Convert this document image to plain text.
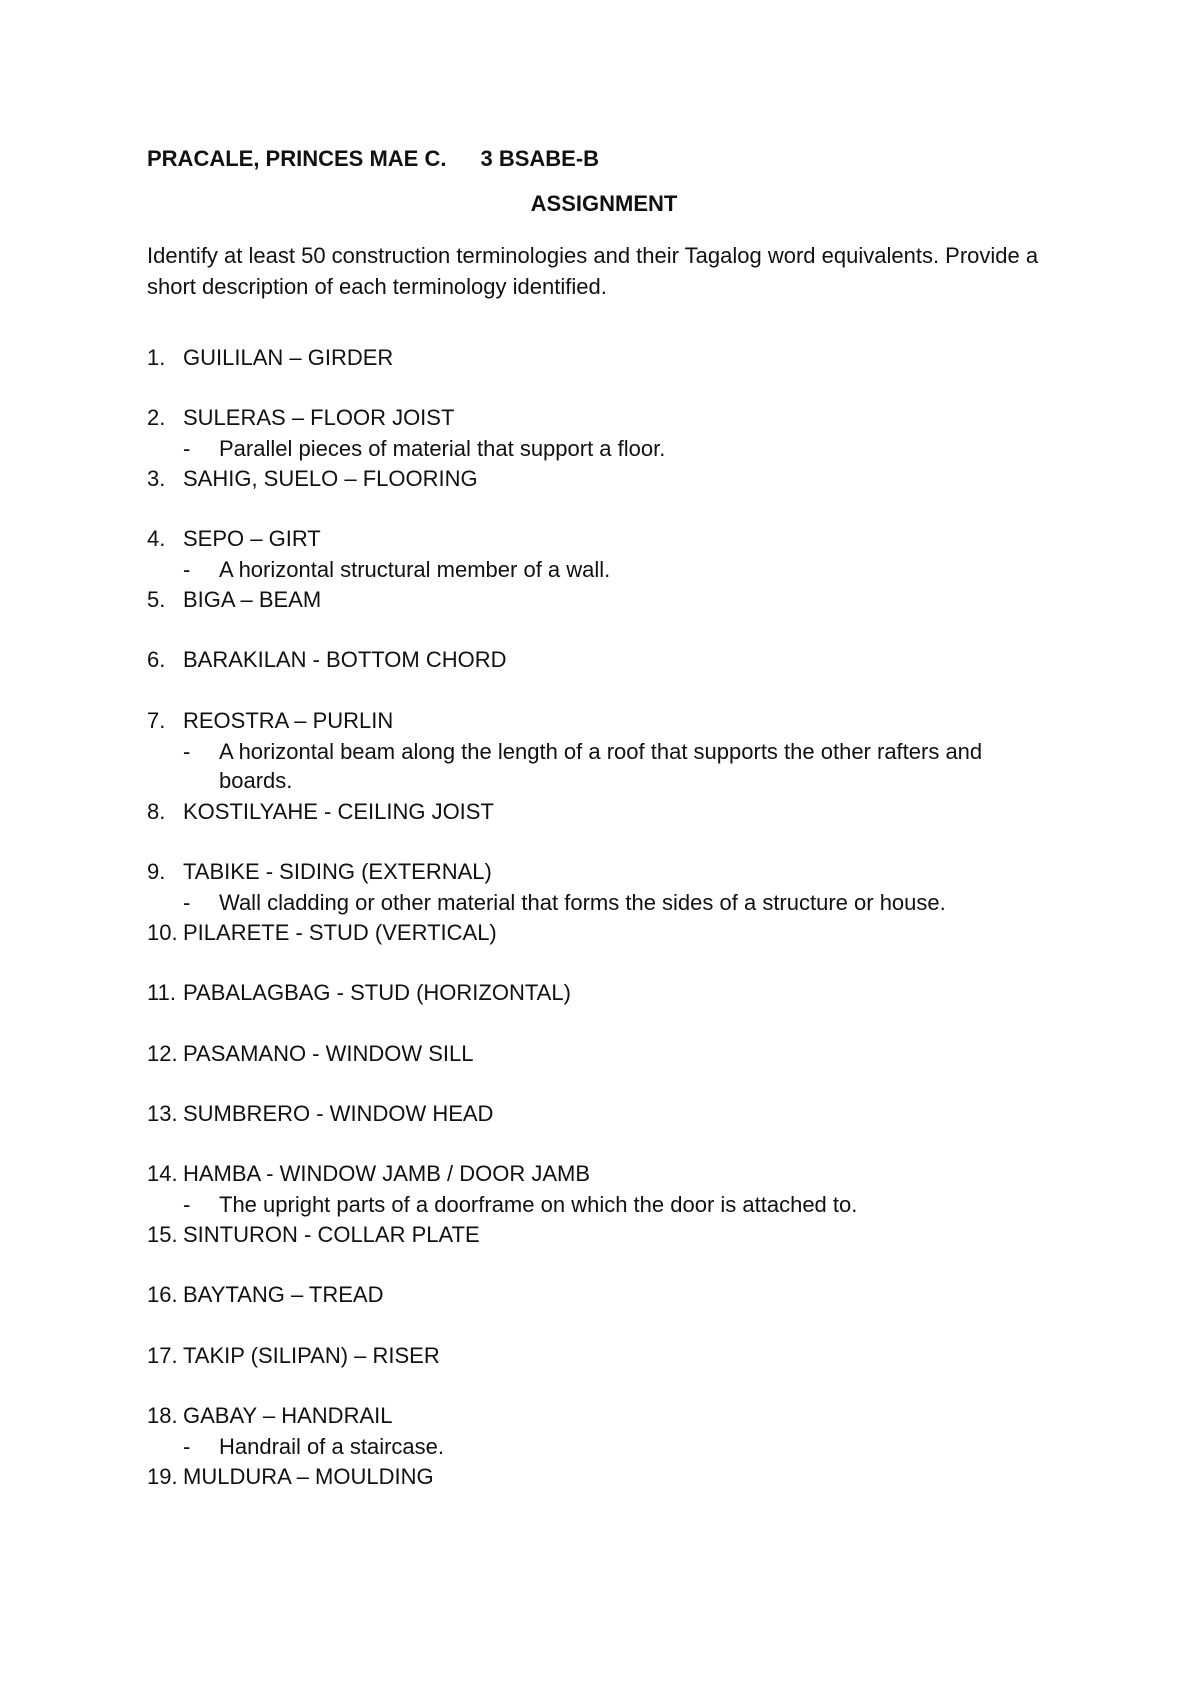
PRACALE, PRINCES MAE C. 3 BSABE-B
ASSIGNMENT

Identify at least 50 construction terminologies and their Tagalog word equivalents. Provide a short description of each terminology identified.

1. GUILILAN – GIRDER
2. SULERAS – FLOOR JOIST
- Parallel pieces of material that support a floor.
3. SAHIG, SUELO – FLOORING
4. SEPO – GIRT
- A horizontal structural member of a wall.
5. BIGA – BEAM
6. BARAKILAN - BOTTOM CHORD
7. REOSTRA – PURLIN
- A horizontal beam along the length of a roof that supports the other rafters and boards.
8. KOSTILYAHE - CEILING JOIST
9. TABIKE - SIDING (EXTERNAL)
- Wall cladding or other material that forms the sides of a structure or house.
10. PILARETE - STUD (VERTICAL)
11. PABALAGBAG - STUD (HORIZONTAL)
12. PASAMANO - WINDOW SILL
13. SUMBRERO - WINDOW HEAD
14. HAMBA - WINDOW JAMB / DOOR JAMB
- The upright parts of a doorframe on which the door is attached to.
15. SINTURON - COLLAR PLATE
16. BAYTANG – TREAD
17. TAKIP (SILIPAN) – RISER
18. GABAY – HANDRAIL
- Handrail of a staircase.
19. MULDURA – MOULDING
